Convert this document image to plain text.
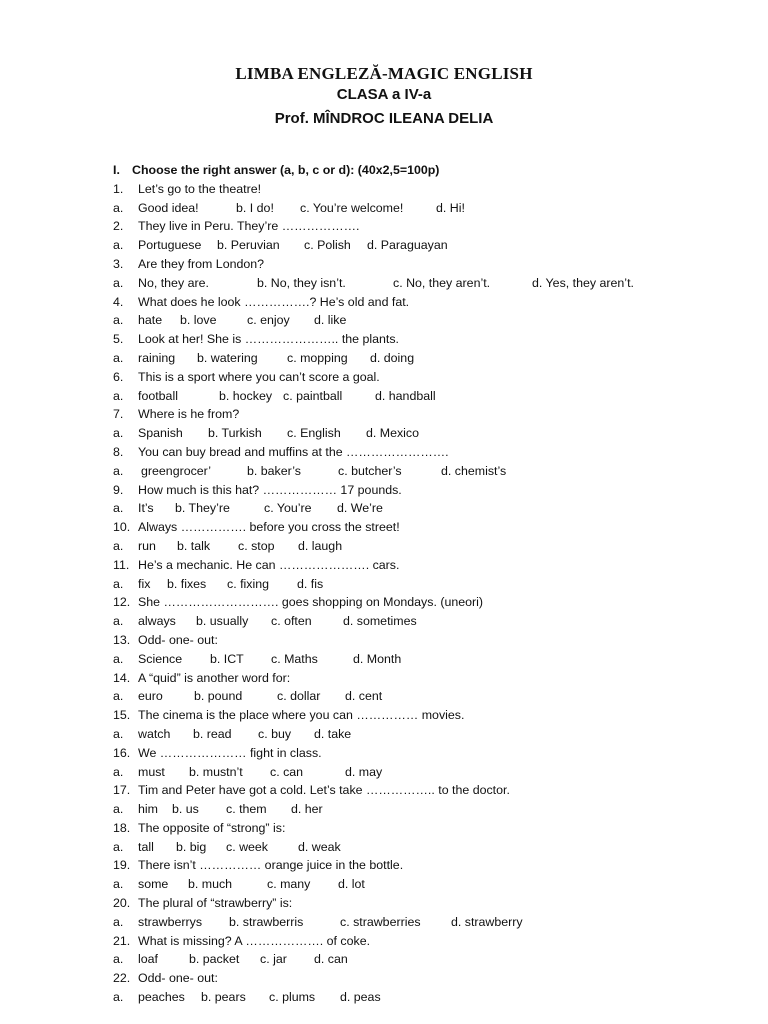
LIMBA ENGLEZĂ-MAGIC ENGLISH
CLASA a IV-a
Prof. MÎNDROC ILEANA DELIA
I. Choose the right answer (a, b, c or d): (40x2,5=100p)
1. Let’s go to the theatre!
a. Good idea!	b. I do! c. You’re welcome!	d. Hi!
2. They live in Peru. They’re ……………….
a. Portuguese b. Peruvian c. Polish d. Paraguayan
3. Are they from London?
a. No, they are.	b. No, they isn’t.	c. No, they aren’t.	d. Yes, they aren’t.
4. What does he look …………….? He’s old and fat.
a. hate b. love c. enjoy d. like
5. Look at her! She is ………………….. the plants.
a. raining b. watering c. mopping d. doing
6. This is a sport where you can’t score a goal.
a. football	b. hockey c. paintball	d. handball
7. Where is he from?
a. Spanish b. Turkish c. English d. Mexico
8. You can buy bread and muffins at the …………………….
a. greengrocer’	b. baker’s	c. butcher’s	d. chemist’s
9. How much is this hat? ……………… 17 pounds.
a. It’s b. They’re	c. You’re d. We’re
10. Always ……………. before you cross the street!
a. run b. talk c. stop d. laugh
11. He’s a mechanic. He can …………………. cars.
a. fix b. fixes c. fixing d. fis
12. She ………………………. goes shopping on Mondays. (uneori)
a. always b. usually c. often	d. sometimes
13. Odd- one- out:
a. Science b. ICT c. Maths	d. Month
14. A “quid” is another word for:
a. euro	b. pound	c. dollar d. cent
15. The cinema is the place where you can …………… movies.
a. watch b. read c. buy d. take
16. We ………………… fight in class.
a. must b. mustn’t c. can	d. may
17. Tim and Peter have got a cold. Let’s take …………….. to the doctor.
a. him b. us c. them d. her
18. The opposite of “strong” is:
a. tall b. big c. week d. weak
19. There isn’t …………… orange juice in the bottle.
a. some b. much	c. many d. lot
20. The plural of “strawberry” is:
a. strawberrys b. strawberris	c. strawberries d. strawberry
21. What is missing? A ………………. of coke.
a. loaf	b. packet c. jar d. can
22. Odd- one- out:
a. peaches b. pears c. plums d. peas
